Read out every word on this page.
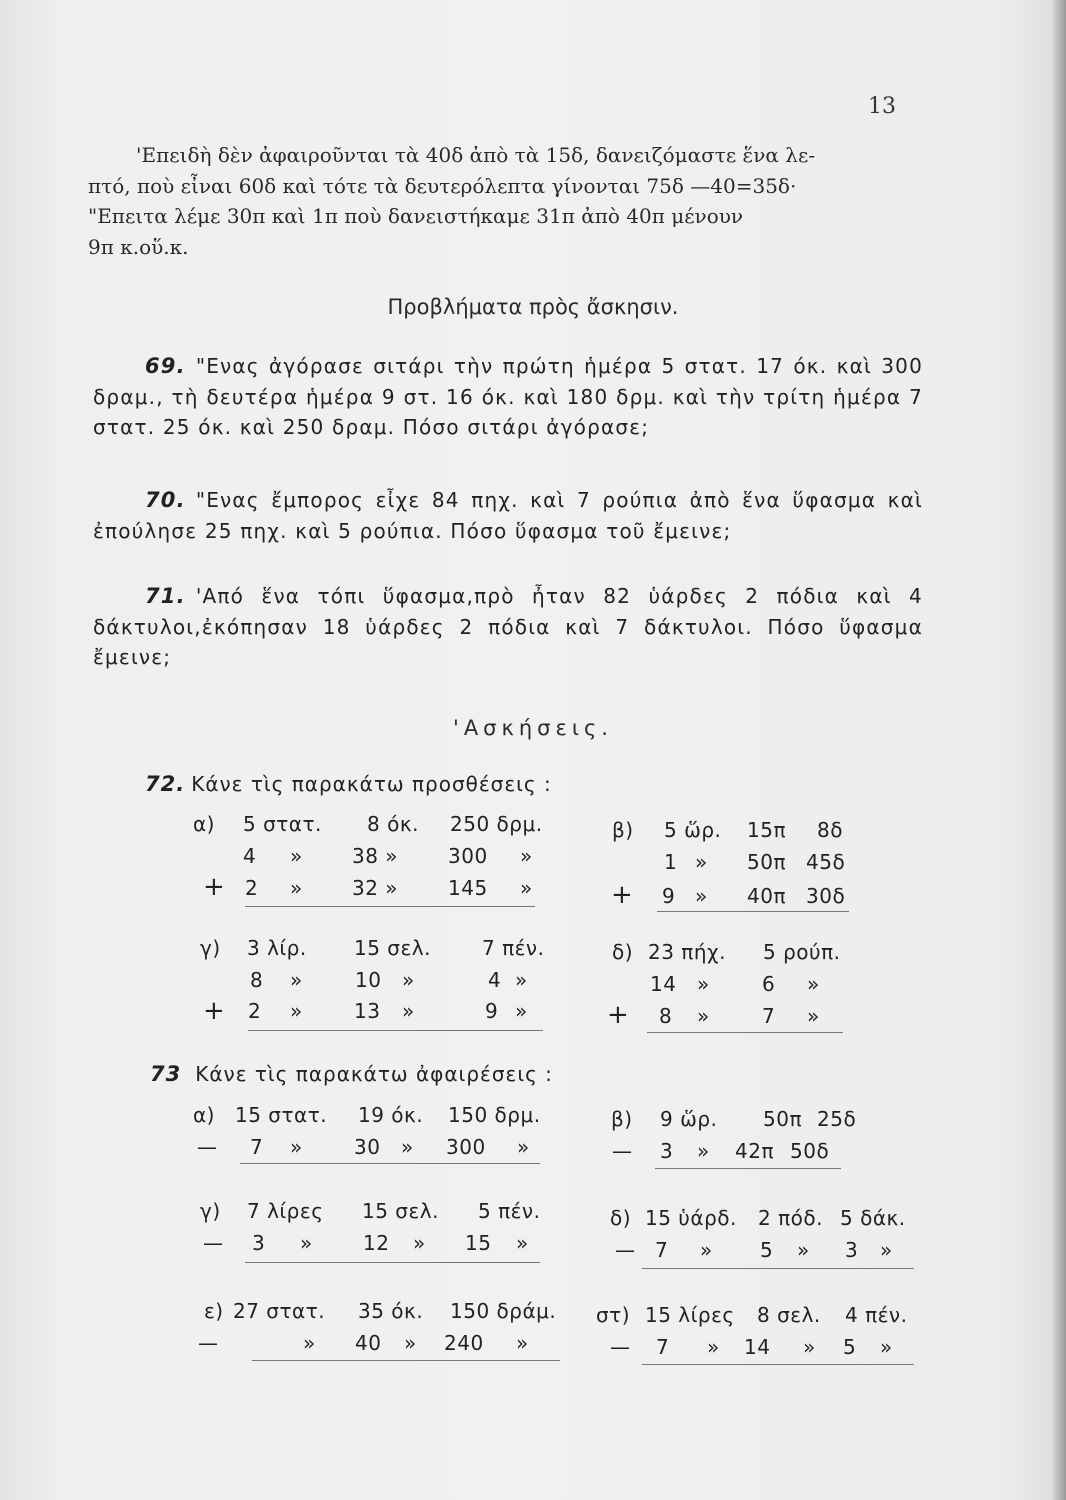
13

'Επειδὴ δὲν ἀφαιροῦνται τὰ 40δ ἀπὸ τὰ 15δ, δανειζόμαστε ἕνα λε-

πτό, ποὺ εἶναι 60δ καὶ τότε τὰ δευτερόλεπτα γίνονται 75δ —40=35δ·

"Επειτα λέμε 30π καὶ 1π ποὺ δανειστήκαμε 31π ἀπὸ 40π μένουν

9π κ.οὕ.κ.

Προβλήματα πρὸς ἄσκησιν.

69. "Ενας ἀγόρασε σιτάρι τὴν πρώτη ἡμέρα 5 στατ. 17 όκ. καὶ 300 δραμ., τὴ δευτέρα ἡμέρα 9 στ. 16 όκ. καὶ 180 δρμ. καὶ τὴν τρίτη ἡμέρα 7 στατ. 25 όκ. καὶ 250 δραμ. Πόσο σιτάρι ἀγόρασε;

70. "Ενας ἔμπορος εἶχε 84 πηχ. καὶ 7 ρούπια ἀπὸ ἕνα ὕφασμα καὶ ἐπούλησε 25 πηχ. καὶ 5 ρούπια. Πόσο ὕφασμα τοῦ ἔμεινε;

71. 'Από ἕνα τόπι ὕφασμα,πρὸ ἦταν 82 ὑάρδες 2 πόδια καὶ 4 δάκτυλοι,ἐκόπησαν 18 ὑάρδες 2 πόδια καὶ 7 δάκτυλοι. Πόσο ὕφασμα ἔμεινε;

'Ασκήσεις.
72. Κάνε τὶς παρακάτω προσθέσεις :
α) 5 στατ. 8 όκ. 250 δρμ.
4 » 38 » 300 »
+ 2 » 32 » 145 »
β) 5 ὥρ. 15π 8δ
1 » 50π 45δ
+ 9 » 40π 30δ
γ) 3 λίρ. 15 σελ.	7 πέν.
8 »	10 »	4 »
+ 2 »	13 »	9 »
δ) 23 πήχ. 5 ρούπ.
14 »	6 »
+ 8 »	7 »
73 Κάνε τὶς παρακάτω ἀφαιρέσεις :
α) 15 στατ. 19 όκ. 150 δρμ.
— 7 »	30 » 300 »
β) 9 ὥρ. 50π 25δ
— 3 » 42π 50δ
γ) 7 λίρες 15 σελ. 5 πέν.
— 3 »	12 » 15 »
δ) 15 ὑάρδ. 2 πόδ. 5 δάκ.
— 7 » 5 » 3 »
ε) 27 στατ. 35 όκ. 150 δράμ.
—	» 40 » 240 »
στ) 15 λίρες 8 σελ. 4 πέν.
— 7 » 14 » 5 »
